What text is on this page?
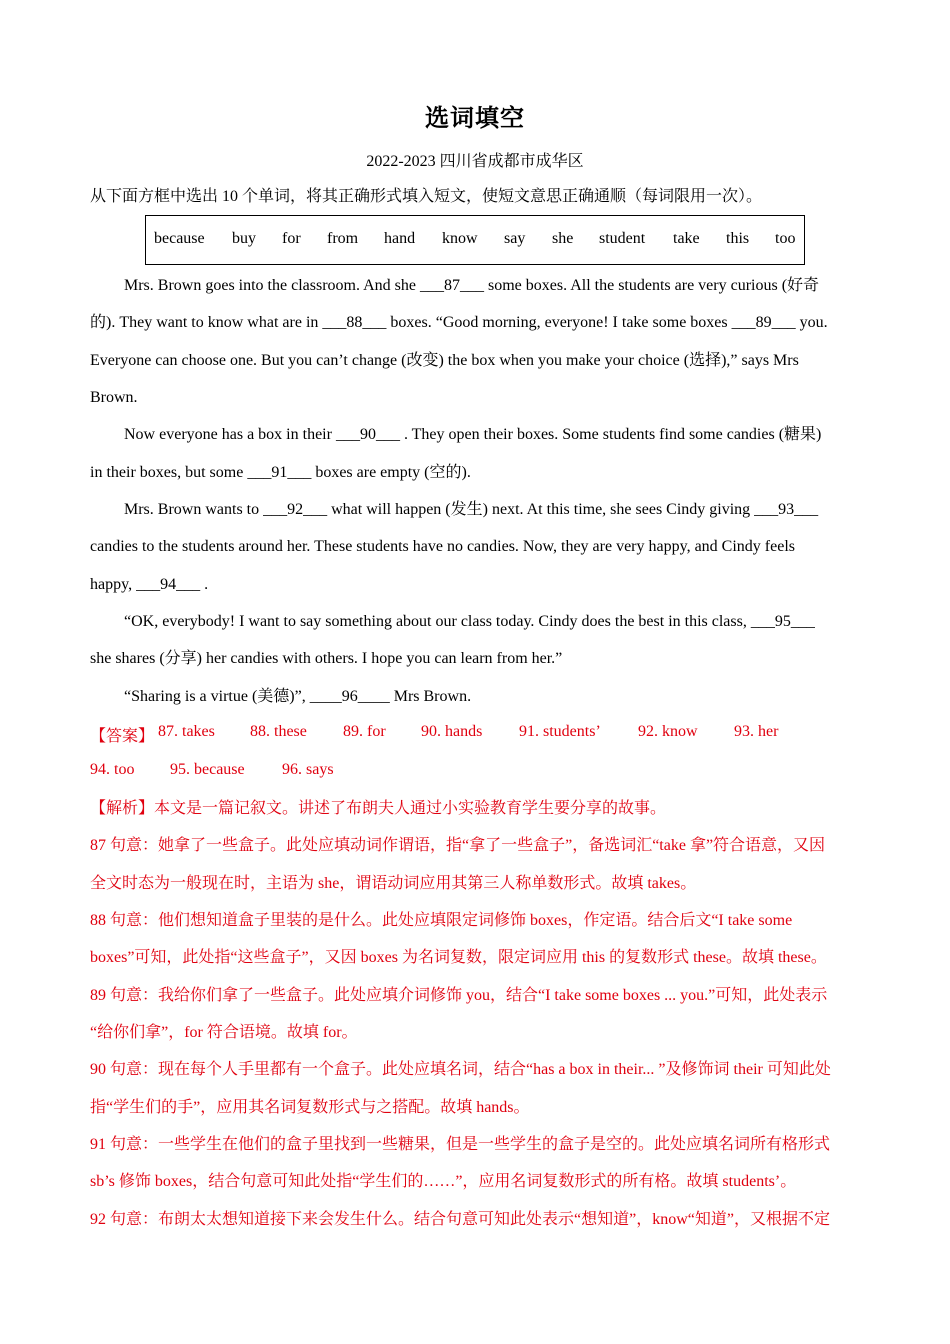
选词填空
2022-2023 四川省成都市成华区
从下面方框中选出 10 个单词，将其正确形式填入短文，使短文意思正确通顺（每词限用一次）。
because buy for from hand know say she student take this too
Mrs. Brown goes into the classroom. And she ___87___ some boxes. All the students are very curious (好奇
的). They want to know what are in ___88___ boxes. “Good morning, everyone! I take some boxes ___89___ you.
Everyone can choose one. But you can’t change (改变) the box when you make your choice (选择),” says Mrs
Brown.
Now everyone has a box in their ___90___ . They open their boxes. Some students find some candies (糖果)
in their boxes, but some ___91___ boxes are empty (空的).
Mrs. Brown wants to ___92___ what will happen (发生) next. At this time, she sees Cindy giving ___93___
candies to the students around her. These students have no candies. Now, they are very happy, and Cindy feels
happy, ___94___ .
“OK, everybody! I want to say something about our class today. Cindy does the best in this class, ___95___
she shares (分享) her candies with others. I hope you can learn from her.”
“Sharing is a virtue (美德)”, ____96____ Mrs Brown.
【答案】 87. takes 88. these 89. for 90. hands 91. students’ 92. know 93. her
94. too 95. because 96. says
【解析】本文是一篇记叙文。讲述了布朗夫人通过小实验教育学生要分享的故事。
87 句意：她拿了一些盒子。此处应填动词作谓语，指“拿了一些盒子”，备选词汇“take 拿”符合语意，又因
全文时态为一般现在时，主语为 she，谓语动词应用其第三人称单数形式。故填 takes。
88 句意：他们想知道盒子里装的是什么。此处应填限定词修饰 boxes，作定语。结合后文“I take some
boxes”可知，此处指“这些盒子”，又因 boxes 为名词复数，限定词应用 this 的复数形式 these。故填 these。
89 句意：我给你们拿了一些盒子。此处应填介词修饰 you，结合“I take some boxes ... you.”可知，此处表示
“给你们拿”，for 符合语境。故填 for。
90 句意：现在每个人手里都有一个盒子。此处应填名词，结合“has a box in their... ”及修饰词 their 可知此处
指“学生们的手”，应用其名词复数形式与之搭配。故填 hands。
91 句意：一些学生在他们的盒子里找到一些糖果，但是一些学生的盒子是空的。此处应填名词所有格形式
sb’s 修饰 boxes，结合句意可知此处指“学生们的……”，应用名词复数形式的所有格。故填 students’。
92 句意：布朗太太想知道接下来会发生什么。结合句意可知此处表示“想知道”，know“知道”，又根据不定
